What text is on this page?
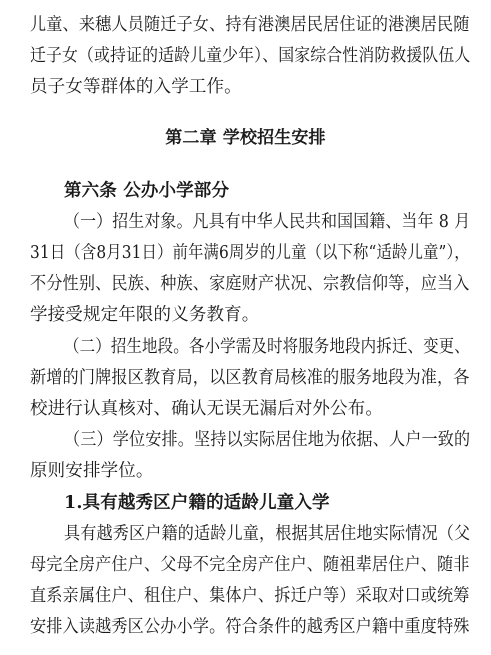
儿童、来穗人员随迁子女、持有港澳居民居住证的港澳居民随
迁子女（或持证的适龄儿童少年）、国家综合性消防救援队伍人
员子女等群体的入学工作。
第二章 学校招生安排
第六条 公办小学部分
（一）招生对象。凡具有中华人民共和国国籍、当年 8 月
31日（含8月31日）前年满6周岁的儿童（以下称“适龄儿童”），
不分性别、民族、种族、家庭财产状况、宗教信仰等，应当入
学接受规定年限的义务教育。
（二）招生地段。各小学需及时将服务地段内拆迁、变更、
新增的门牌报区教育局，以区教育局核准的服务地段为准，各
校进行认真核对、确认无误无漏后对外公布。
（三）学位安排。坚持以实际居住地为依据、人户一致的
原则安排学位。
1.具有越秀区户籍的适龄儿童入学
具有越秀区户籍的适龄儿童，根据其居住地实际情况（父
母完全房产住户、父母不完全房产住户、随祖辈居住户、随非
直系亲属住户、租住户、集体户、拆迁户等）采取对口或统筹
安排入读越秀区公办小学。符合条件的越秀区户籍中重度特殊
